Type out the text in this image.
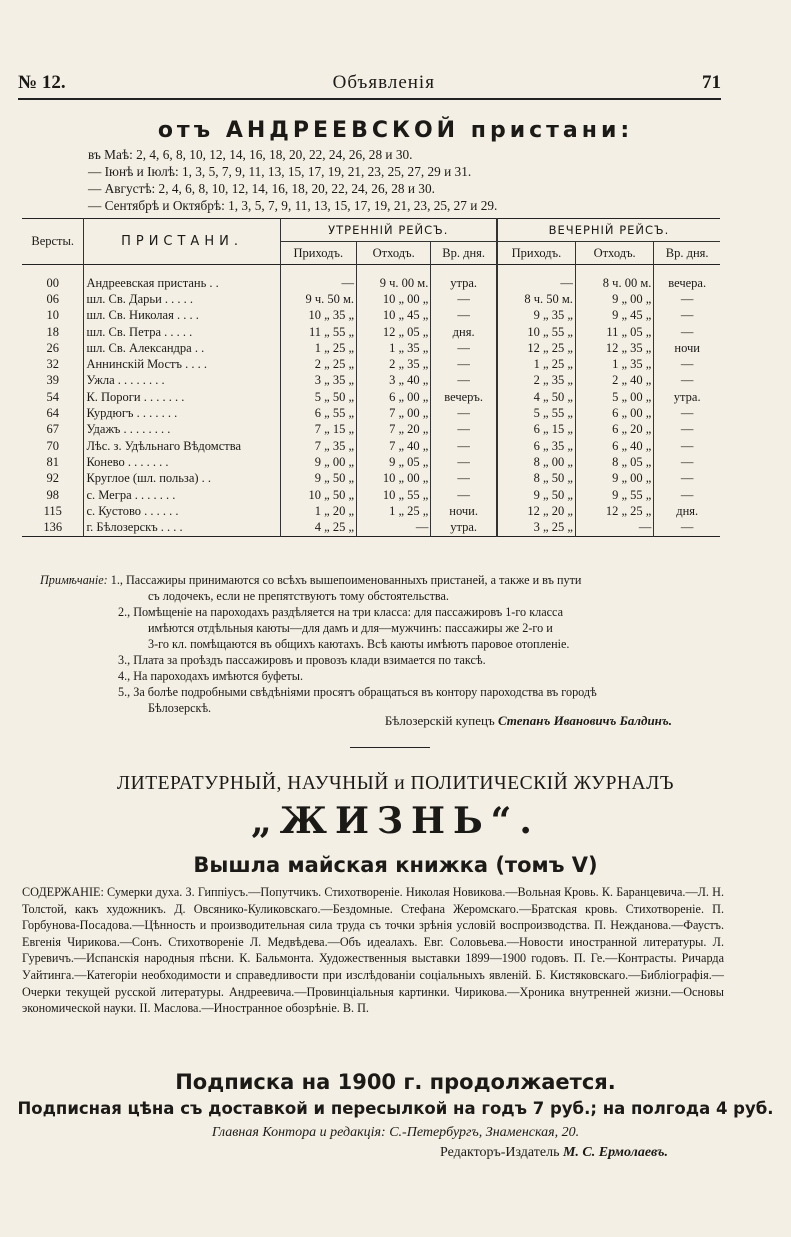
№ 12.	Объявленія	71
отъ АНДРЕЕВСКОЙ пристани:
въ Маѣ: 2, 4, 6, 8, 10, 12, 14, 16, 18, 20, 22, 24, 26, 28 и 30.
— Іюнѣ и Іюлѣ: 1, 3, 5, 7, 9, 11, 13, 15, 17, 19, 21, 23, 25, 27, 29 и 31.
— Августѣ: 2, 4, 6, 8, 10, 12, 14, 16, 18, 20, 22, 24, 26, 28 и 30.
— Сентябрѣ и Октябрѣ: 1, 3, 5, 7, 9, 11, 13, 15, 17, 19, 21, 23, 25, 27 и 29.
Версты.	ПРИСТАНИ.	УТРЕННІЙ РЕЙСЪ.			ВЕЧЕРНІЙ РЕЙСЪ.		
		Приходъ.	Отходъ.	Вр. дня.	Приходъ.	Отходъ.	Вр. дня.
00	Андреевская пристань . .	—	9 ч. 00 м.	утра.	—	8 ч. 00 м.	вечера.
06	шл. Св. Дарьи . . . . .	9 ч. 50 м.	10 „ 00 „	—	8 ч. 50 м.	9 „ 00 „	—
10	шл. Св. Николая . . . .	10 „ 35 „	10 „ 45 „	—	9 „ 35 „	9 „ 45 „	—
18	шл. Св. Петра . . . . .	11 „ 55 „	12 „ 05 „	дня.	10 „ 55 „	11 „ 05 „	—
26	шл. Св. Александра . .	1 „ 25 „	1 „ 35 „	—	12 „ 25 „	12 „ 35 „	ночи
32	Аннинскій Мостъ . . . .	2 „ 25 „	2 „ 35 „	—	1 „ 25 „	1 „ 35 „	—
39	Ужла . . . . . . . .	3 „ 35 „	3 „ 40 „	—	2 „ 35 „	2 „ 40 „	—
54	К. Пороги . . . . . . .	5 „ 50 „	6 „ 00 „	вечеръ.	4 „ 50 „	5 „ 00 „	утра.
64	Курдюгъ . . . . . . .	6 „ 55 „	7 „ 00 „	—	5 „ 55 „	6 „ 00 „	—
67	Удажъ . . . . . . . .	7 „ 15 „	7 „ 20 „	—	6 „ 15 „	6 „ 20 „	—
70	Лѣс. з. Удѣльнаго Вѣдомства	7 „ 35 „	7 „ 40 „	—	6 „ 35 „	6 „ 40 „	—
81	Конево . . . . . . .	9 „ 00 „	9 „ 05 „	—	8 „ 00 „	8 „ 05 „	—
92	Круглое (шл. польза) . .	9 „ 50 „	10 „ 00 „	—	8 „ 50 „	9 „ 00 „	—
98	с. Мегра . . . . . . .	10 „ 50 „	10 „ 55 „	—	9 „ 50 „	9 „ 55 „	—
115	с. Кустово . . . . . .	1 „ 20 „	1 „ 25 „	ночи.	12 „ 20 „	12 „ 25 „	дня.
136	г. Бѣлозерскъ . . . .	4 „ 25 „	—	утра.	3 „ 25 „	—	—
Примѣчаніе:
1., Пассажиры принимаются со всѣхъ вышепоименованныхъ пристаней, а также и въ пути
съ лодочекъ, если не препятствуютъ тому обстоятельства.
2., Помѣщеніе на пароходахъ раздѣляется на три класса: для пассажировъ 1-го класса
имѣются отдѣльныя каюты—для дамъ и для—мужчинъ: пассажиры же 2-го и
3-го кл. помѣщаются въ общихъ каютахъ. Всѣ каюты имѣютъ паровое отопленіе.
3., Плата за проѣздъ пассажировъ и провозъ клади взимается по таксѣ.
4., На пароходахъ имѣются буфеты.
5., За болѣе подробными свѣдѣніями просятъ обращаться въ контору пароходства въ городѣ
Бѣлозерскѣ.
Бѣлозерскій купецъ Степанъ Ивановичъ Балдинъ.
ЛИТЕРАТУРНЫЙ, НАУЧНЫЙ и ПОЛИТИЧЕСКІЙ ЖУРНАЛЪ
„ЖИЗНЬ“.
Вышла майская книжка (томъ V)
СОДЕРЖАНІЕ: Сумерки духа. З. Гиппіусъ.—Попутчикъ. Стихотвореніе. Николая Новикова.—Вольная Кровь. К. Баранцевича.—Л. Н. Толстой, какъ художникъ. Д. Овсянико-Куликовскаго.—Бездомные. Стефана Жеромскаго.—Братская кровь. Стихотвореніе. П. Горбунова-Посадова.—Цѣнность и производительная сила труда съ точки зрѣнія условій воспроизводства. П. Нежданова.—Фаустъ. Евгенія Чирикова.—Сонъ. Стихотвореніе Л. Медвѣдева.—Объ идеалахъ. Евг. Соловьева.—Новости иностранной литературы. Л. Гуревичъ.—Испанскія народныя пѣсни. К. Бальмонта. Художественныя выставки 1899—1900 годовъ. П. Ге.—Контрасты. Ричарда Уайтинга.—Категоріи необходимости и справедливости при изслѣдованіи соціальныхъ явленій. Б. Кистяковскаго.—Библіографія.—Очерки текущей русской литературы. Андреевича.—Провинціальныя картинки. Чирикова.—Хроника внутренней жизни.—Основы экономической науки. II. Маслова.—Иностранное обозрѣніе. В. П.
Подписка на 1900 г. продолжается.
Подписная цѣна съ доставкой и пересылкой на годъ 7 руб.; на полгода 4 руб.
Главная Контора и редакція: С.-Петербургъ, Знаменская, 20.
Редакторъ-Издатель М. С. Ермолаевъ.
